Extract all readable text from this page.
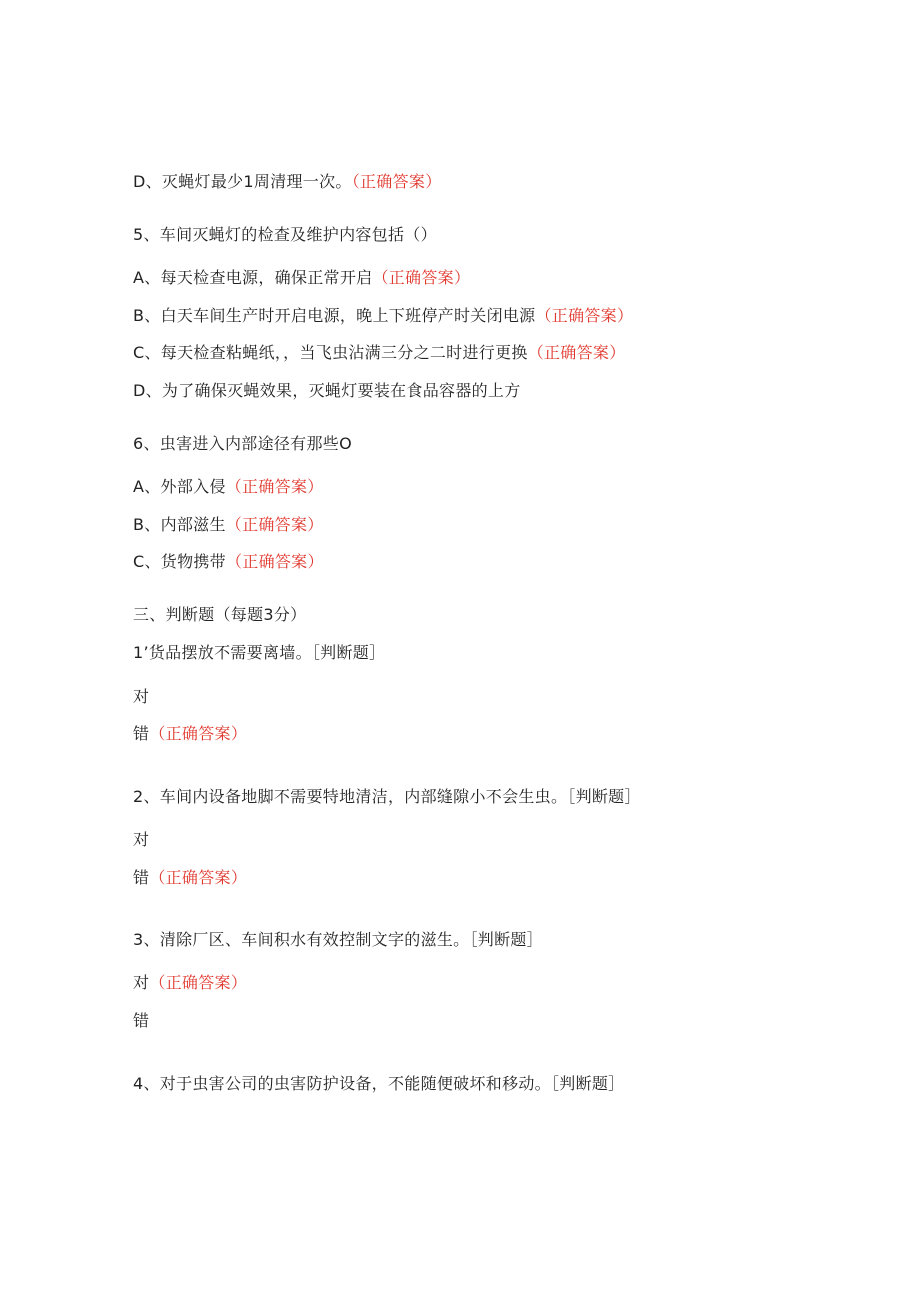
D、灭蝇灯最少1周清理一次。（正确答案）
5、车间灭蝇灯的检查及维护内容包括（）
A、每天检查电源，确保正常开启（正确答案）
B、白天车间生产时开启电源，晚上下班停产时关闭电源（正确答案）
C、每天检查粘蝇纸，，当飞虫沾满三分之二时进行更换（正确答案）
D、为了确保灭蝇效果，灭蝇灯要装在食品容器的上方
6、虫害进入内部途径有那些O
A、外部入侵（正确答案）
B、内部滋生（正确答案）
C、货物携带（正确答案）
三、判断题（每题3分）
1’货品摆放不需要离墙。［判断题］
对
错（正确答案）
2、车间内设备地脚不需要特地清洁，内部缝隙小不会生虫。［判断题］
对
错（正确答案）
3、清除厂区、车间积水有效控制文字的滋生。［判断题］
对（正确答案）
错
4、对于虫害公司的虫害防护设备，不能随便破坏和移动。［判断题］
